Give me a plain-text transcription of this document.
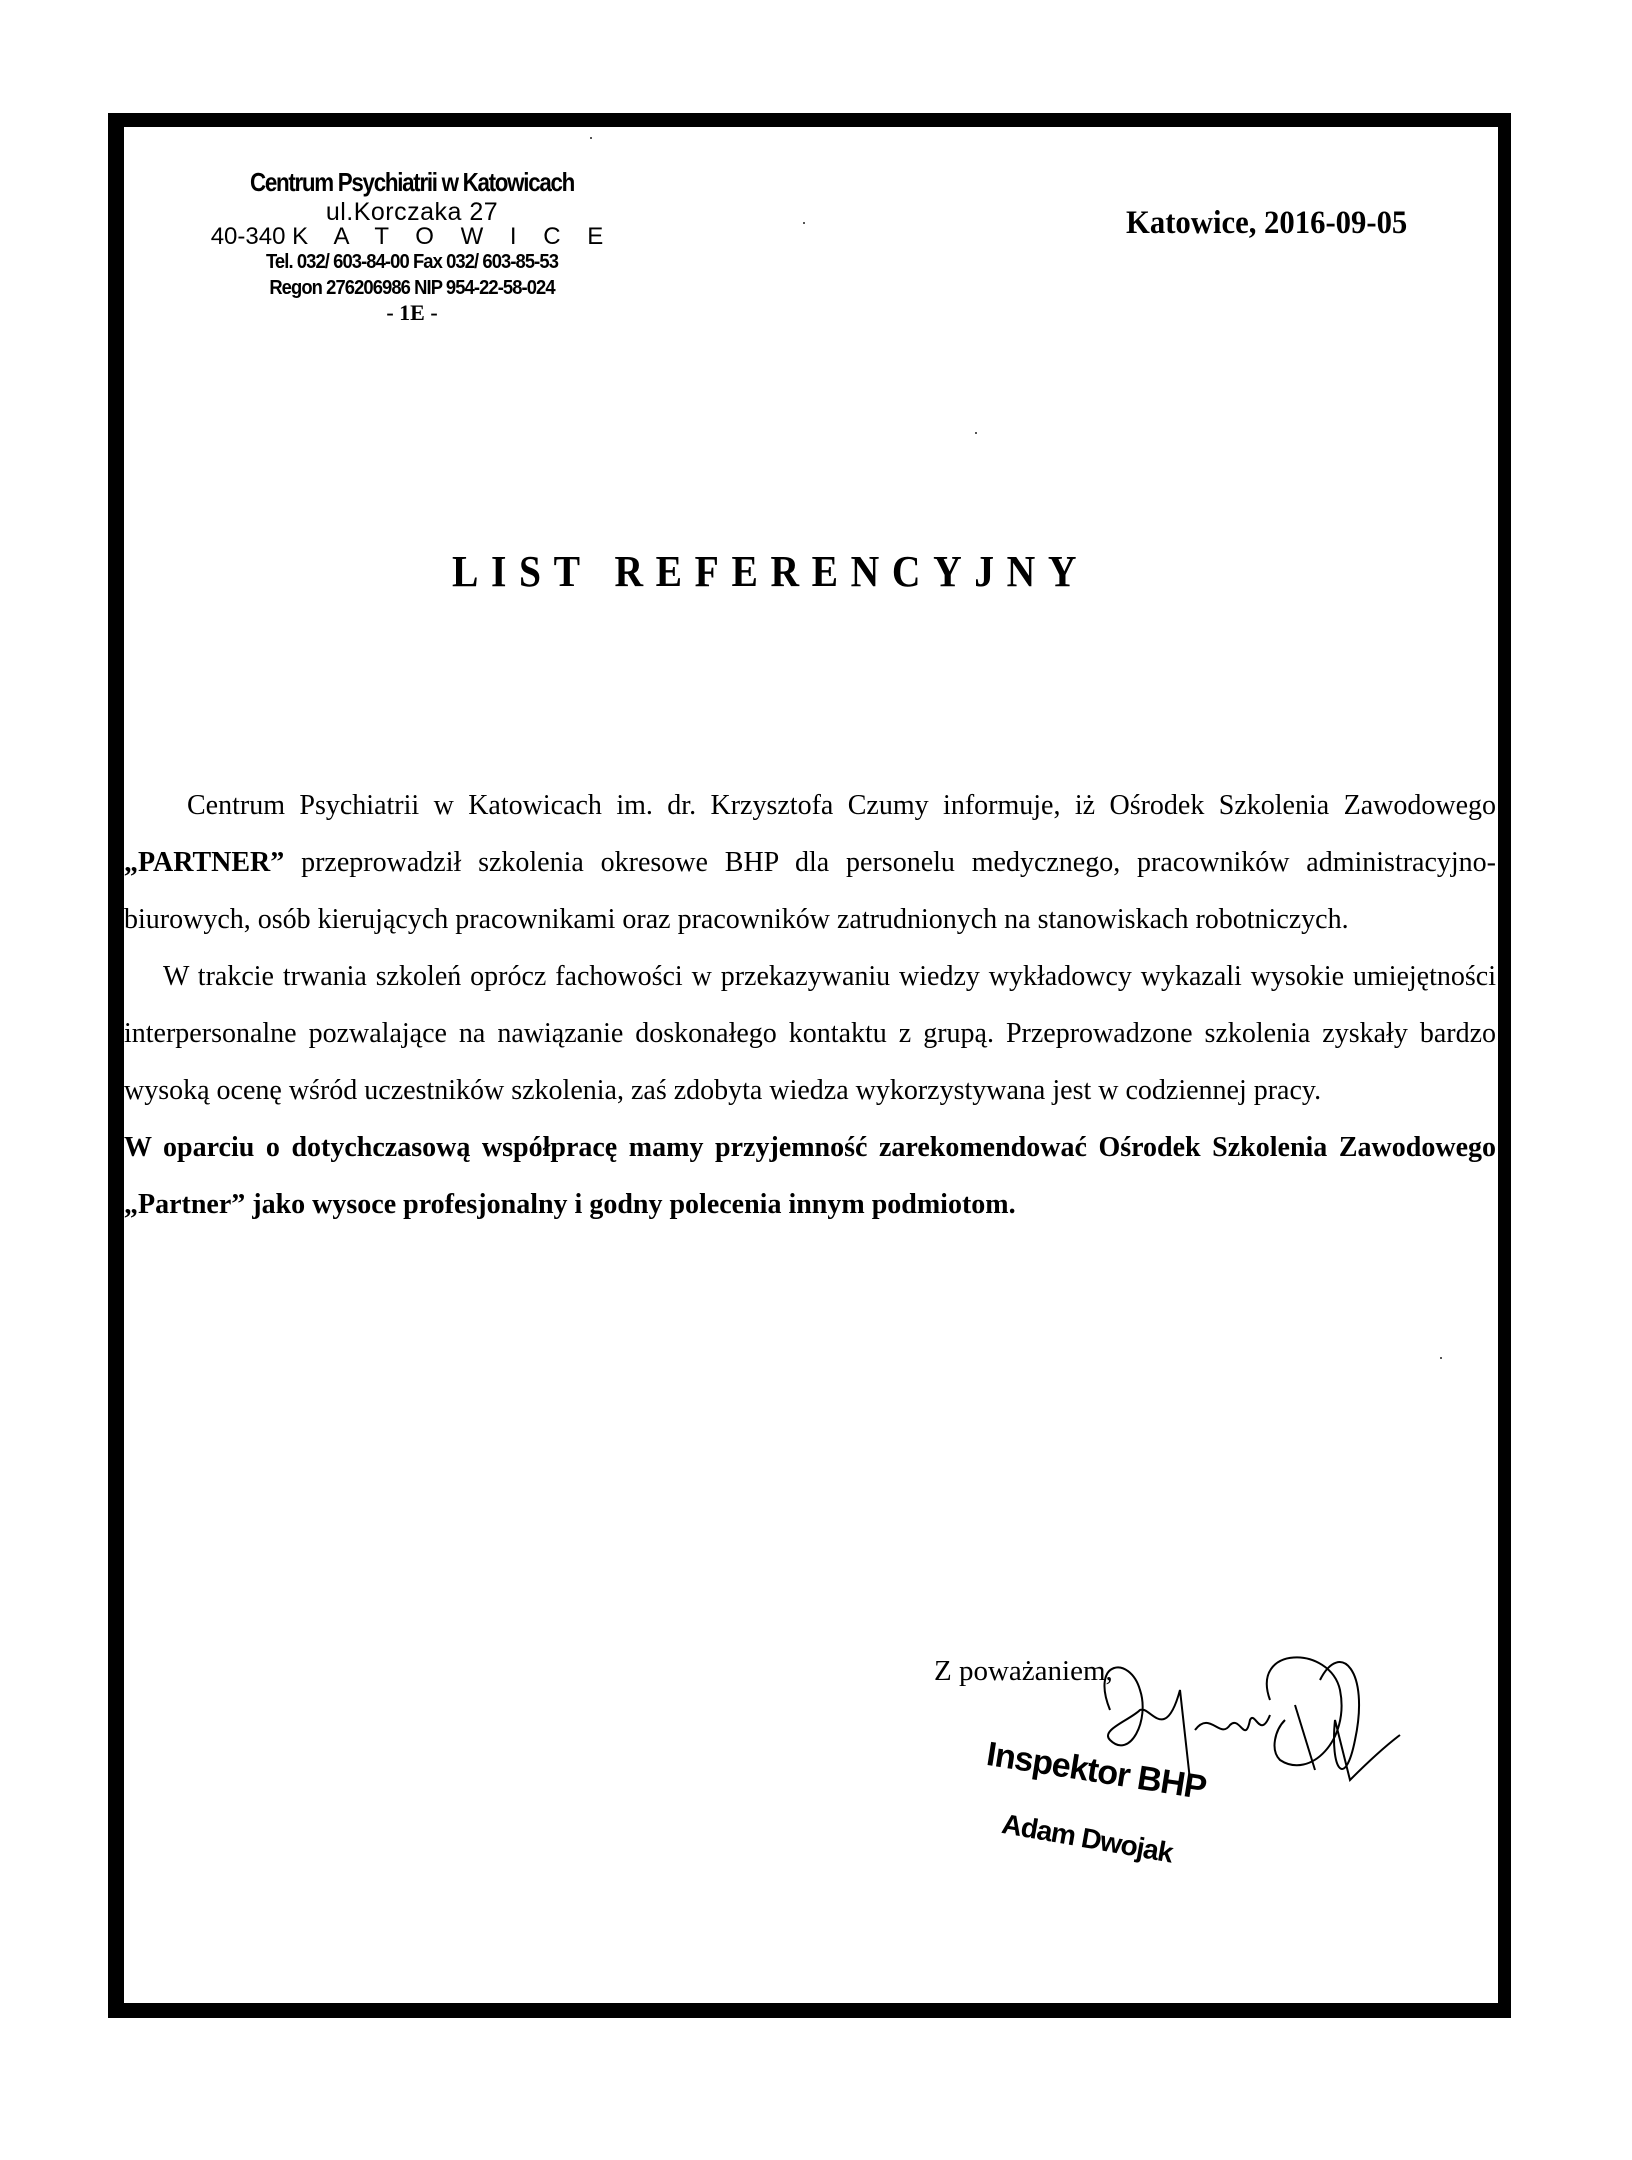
Centrum Psychiatrii w Katowicach
ul.Korczaka 27
40-340 K A T O W I C E
Tel. 032/ 603-84-00 Fax 032/ 603-85-53
Regon 276206986 NIP 954-22-58-024
- 1E -
Katowice, 2016-09-05
LIST REFERENCYJNY

Centrum Psychiatrii w Katowicach im. dr. Krzysztofa Czumy informuje, iż Ośrodek Szkolenia Zawodowego „PARTNER” przeprowadził szkolenia okresowe BHP dla personelu medycznego, pracowników administracyjno-biurowych, osób kierujących pracownikami oraz pracowników zatrudnionych na stanowiskach robotniczych.

W trakcie trwania szkoleń oprócz fachowości w przekazywaniu wiedzy wykładowcy wykazali wysokie umiejętności interpersonalne pozwalające na nawiązanie doskonałego kontaktu z grupą. Przeprowadzone szkolenia zyskały bardzo wysoką ocenę wśród uczestników szkolenia, zaś zdobyta wiedza wykorzystywana jest w codziennej pracy.

W oparciu o dotychczasową współpracę mamy przyjemność zarekomendować Ośrodek Szkolenia Zawodowego „Partner” jako wysoce profesjonalny i godny polecenia innym podmiotom.

Z poważaniem,
Inspektor BHP
Adam Dwojak
